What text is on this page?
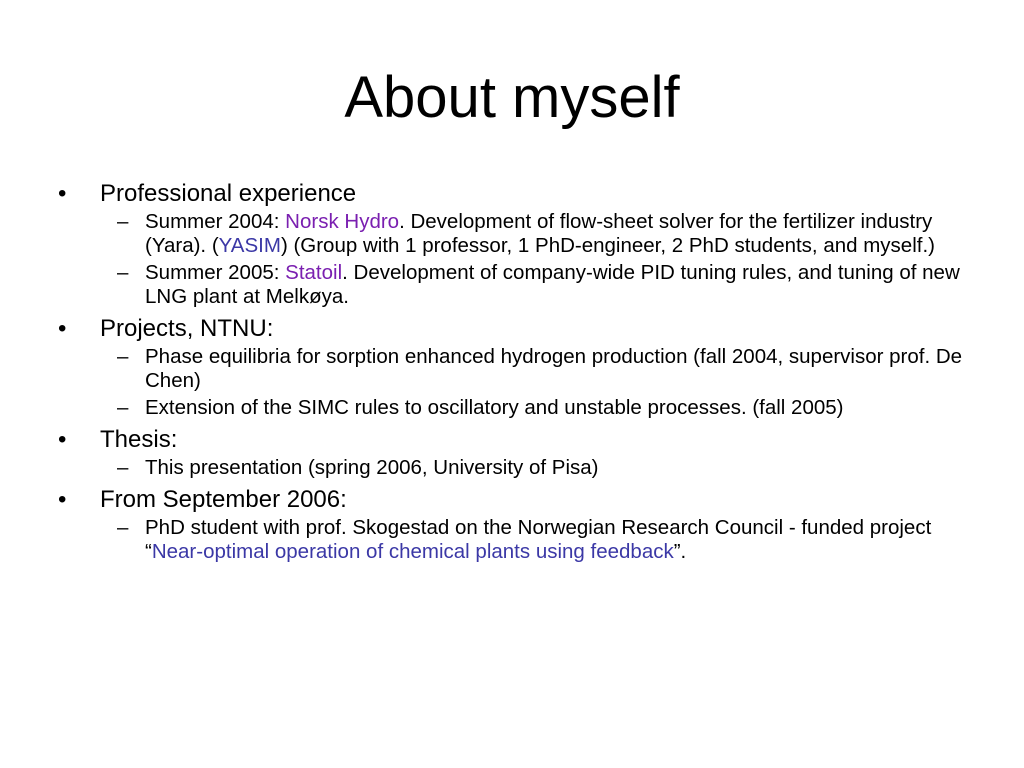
About myself
• Professional experience
– Summer 2004: Norsk Hydro. Development of flow-sheet solver for the fertilizer industry (Yara). (YASIM) (Group with 1 professor, 1 PhD-engineer, 2 PhD students, and myself.)
– Summer 2005: Statoil. Development of company-wide PID tuning rules, and tuning of new LNG plant at Melkøya.
• Projects, NTNU:
– Phase equilibria for sorption enhanced hydrogen production (fall 2004, supervisor prof. De Chen)
– Extension of the SIMC rules to oscillatory and unstable processes. (fall 2005)
• Thesis:
– This presentation (spring 2006, University of Pisa)
• From September 2006:
– PhD student with prof. Skogestad on the Norwegian Research Council - funded project “Near-optimal operation of chemical plants using feedback”.
